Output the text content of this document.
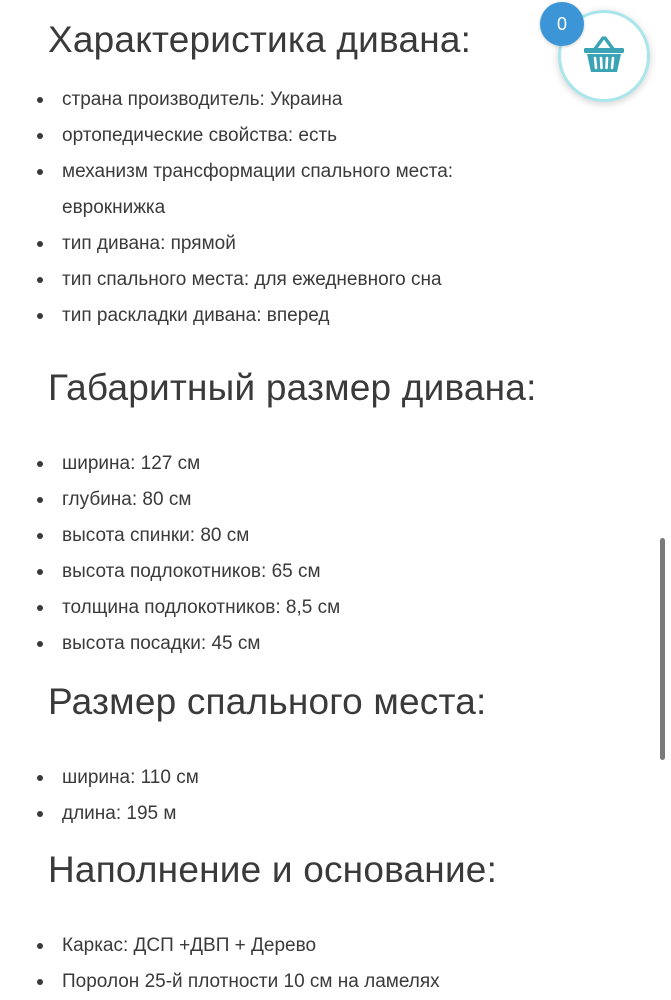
Характеристика дивана:
страна производитель: Украина
ортопедические свойства: есть
механизм трансформации спального места: еврокнижка
тип дивана: прямой
тип спального места: для ежедневного сна
тип раскладки дивана: вперед
Габаритный размер дивана:
ширина: 127 см
глубина: 80 см
высота спинки: 80 см
высота подлокотников: 65 см
толщина подлокотников: 8,5 см
высота посадки: 45 см
Размер спального места:
ширина: 110 см
длина: 195 м
Наполнение и основание:
Каркас: ДСП +ДВП + Дерево
Поролон 25-й плотности 10 см на ламелях
0
